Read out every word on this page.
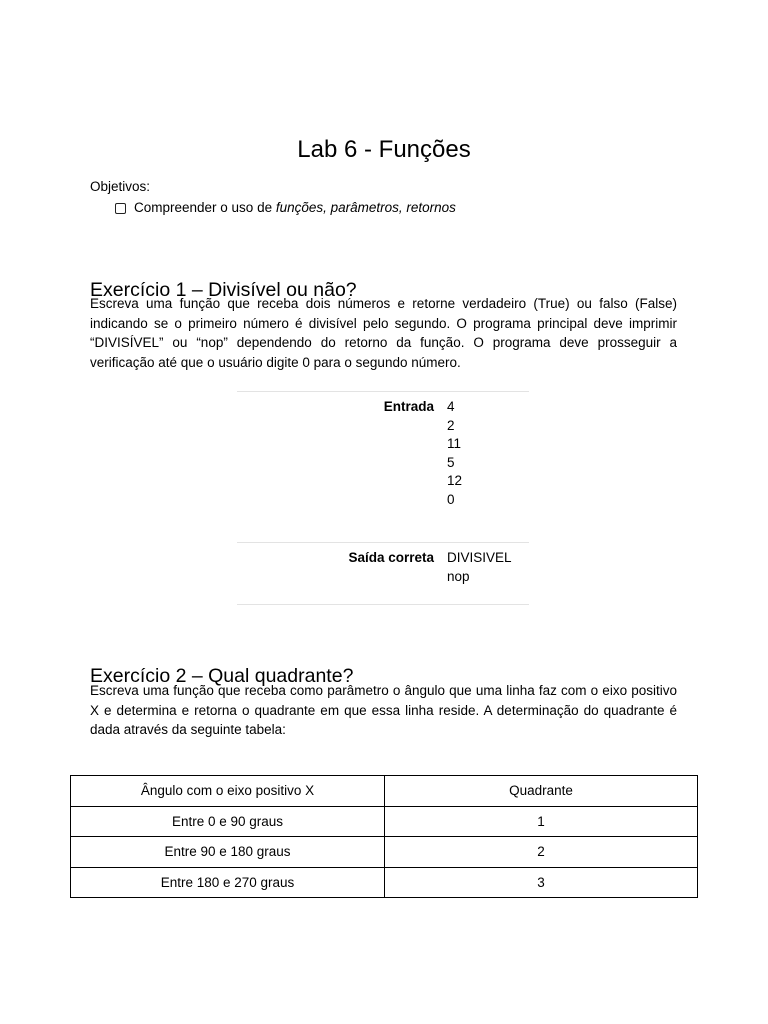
Lab 6 - Funções
Objetivos:
Compreender o uso de funções, parâmetros, retornos
Exercício 1 – Divisível ou não?

Escreva uma função que receba dois números e retorne verdadeiro (True) ou falso (False) indicando se o primeiro número é divisível pelo segundo. O programa principal deve imprimir “DIVISÍVEL” ou “nop” dependendo do retorno da função. O programa deve prosseguir a verificação até que o usuário digite 0 para o segundo número.

Entrada 4
2
11
5
12
0
Saída correta DIVISIVEL
nop
Exercício 2 – Qual quadrante?

Escreva uma função que receba como parâmetro o ângulo que uma linha faz com o eixo positivo X e determina e retorna o quadrante em que essa linha reside. A determinação do quadrante é dada através da seguinte tabela:

Ângulo com o eixo positivo X	Quadrante
Entre 0 e 90 graus	1
Entre 90 e 180 graus	2
Entre 180 e 270 graus	3
